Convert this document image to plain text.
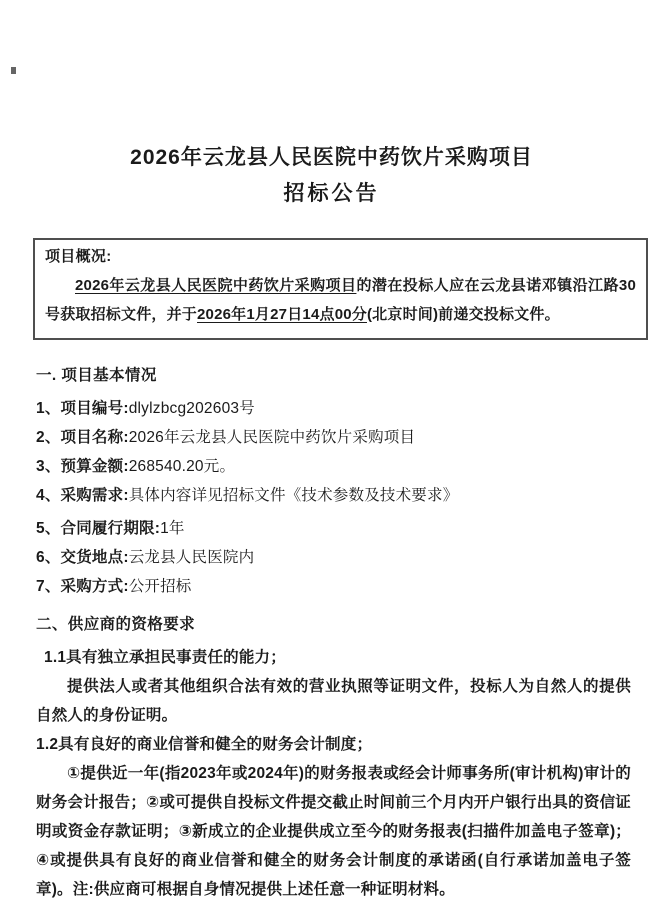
2026年云龙县人民医院中药饮片采购项目
招标公告
项目概况:

2026年云龙县人民医院中药饮片采购项目的潜在投标人应在云龙县诺邓镇沿江路30号获取招标文件，并于2026年1月27日14点00分(北京时间)前递交投标文件。

一. 项目基本情况
1、项目编号:dlylzbcg202603号
2、项目名称:2026年云龙县人民医院中药饮片采购项目
3、预算金额:268540.20元。
4、采购需求:具体内容详见招标文件《技术参数及技术要求》
5、合同履行期限:1年
6、交货地点:云龙县人民医院内
7、采购方式:公开招标
二、供应商的资格要求

1.1具有独立承担民事责任的能力；

提供法人或者其他组织合法有效的营业执照等证明文件，投标人为自然人的提供自然人的身份证明。

1.2具有良好的商业信誉和健全的财务会计制度；

①提供近一年(指2023年或2024年)的财务报表或经会计师事务所(审计机构)审计的财务会计报告；②或可提供自投标文件提交截止时间前三个月内开户银行出具的资信证明或资金存款证明；③新成立的企业提供成立至今的财务报表(扫描件加盖电子签章)；④或提供具有良好的商业信誉和健全的财务会计制度的承诺函(自行承诺加盖电子签章)。注:供应商可根据自身情况提供上述任意一种证明材料。
